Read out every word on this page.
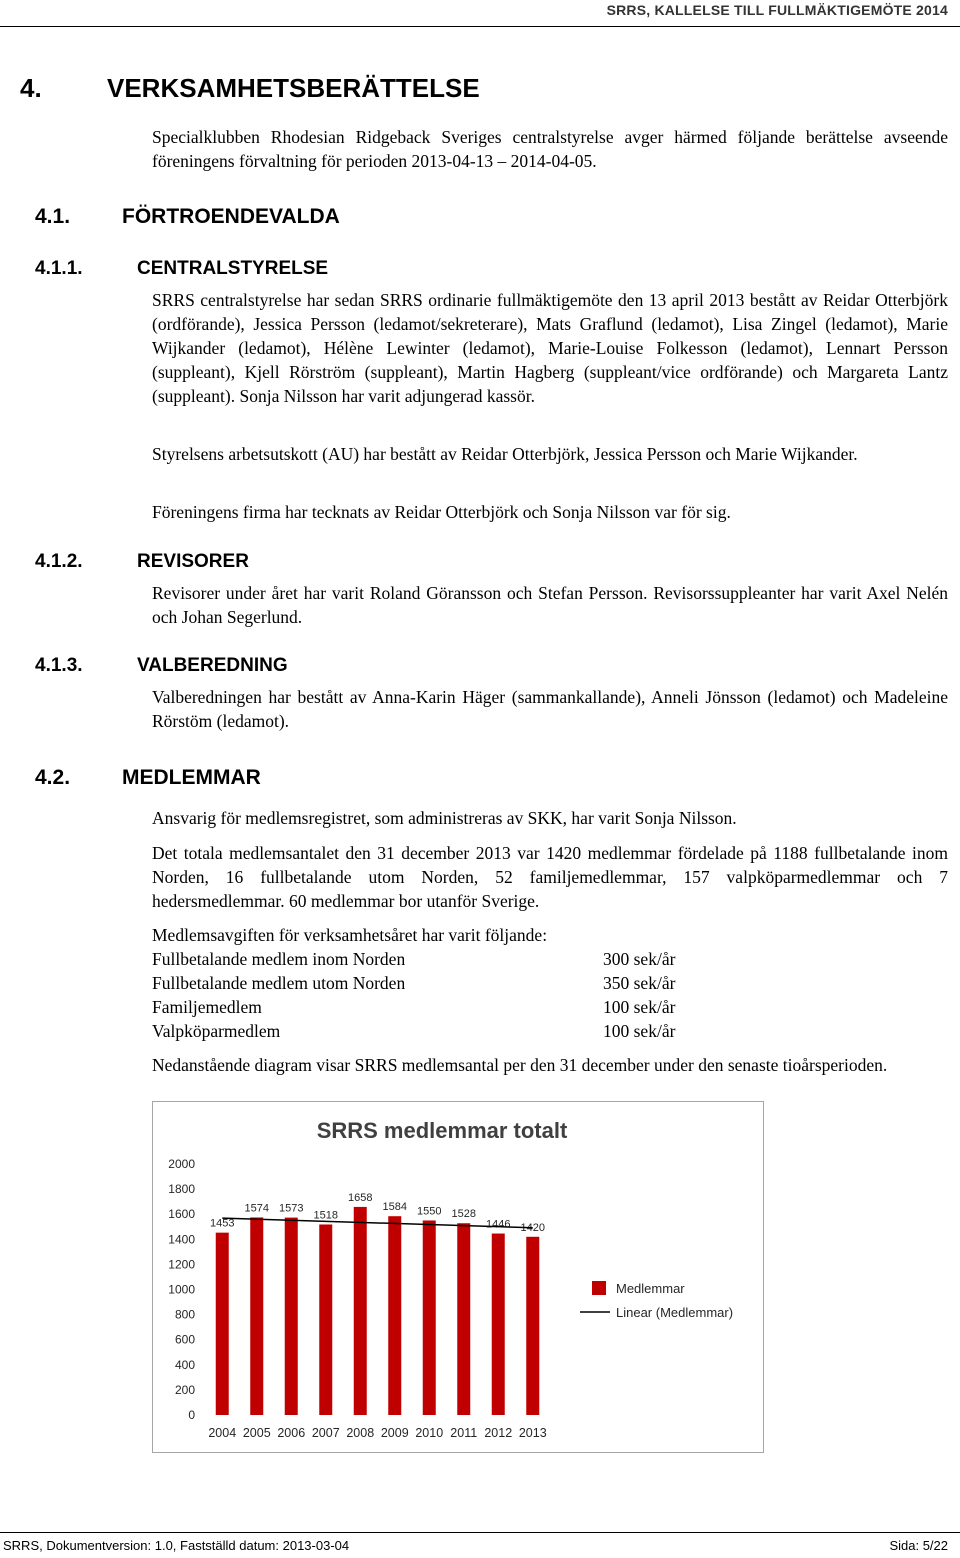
SRRS, KALLELSE TILL FULLMÄKTIGEMÖTE 2014
4.	VERKSAMHETSBERÄTTELSE
Specialklubben Rhodesian Ridgeback Sveriges centralstyrelse avger härmed följande berättelse avseende föreningens förvaltning för perioden 2013-04-13 – 2014-04-05.
4.1. FÖRTROENDEVALDA
4.1.1.	CENTRALSTYRELSE
SRRS centralstyrelse har sedan SRRS ordinarie fullmäktigemöte den 13 april 2013 bestått av Reidar Otterbjörk (ordförande), Jessica Persson (ledamot/sekreterare), Mats Graflund (ledamot), Lisa Zingel (ledamot), Marie Wijkander (ledamot), Hélène Lewinter (ledamot), Marie-Louise Folkesson (ledamot), Lennart Persson (suppleant), Kjell Rörström (suppleant), Martin Hagberg (suppleant/vice ordförande) och Margareta Lantz (suppleant). Sonja Nilsson har varit adjungerad kassör.
Styrelsens arbetsutskott (AU) har bestått av Reidar Otterbjörk, Jessica Persson och Marie Wijkander.
Föreningens firma har tecknats av Reidar Otterbjörk och Sonja Nilsson var för sig.
4.1.2.	REVISORER
Revisorer under året har varit Roland Göransson och Stefan Persson. Revisorssuppleanter har varit Axel Nelén och Johan Segerlund.
4.1.3.	VALBEREDNING
Valberedningen har bestått av Anna-Karin Häger (sammankallande), Anneli Jönsson (ledamot) och Madeleine Rörstöm (ledamot).
4.2. MEDLEMMAR
Ansvarig för medlemsregistret, som administreras av SKK, har varit Sonja Nilsson.
Det totala medlemsantalet den 31 december 2013 var 1420 medlemmar fördelade på 1188 fullbetalande inom Norden, 16 fullbetalande utom Norden, 52 familjemedlemmar, 157 valpköparmedlemmar och 7 hedersmedlemmar. 60 medlemmar bor utanför Sverige.
Medlemsavgiften för verksamhetsåret har varit följande:
Fullbetalande medlem inom Norden	300 sek/år
Fullbetalande medlem utom Norden	350 sek/år
Familjemedlem	100 sek/år
Valpköparmedlem	100 sek/år
Nedanstående diagram visar SRRS medlemsantal per den 31 december under den senaste tioårsperioden.
SRRS medlemmar totalt
0
200
400
600
800
1000
1200
1400
1600
1800
2000
1453
2004
1574
2005
1573
2006
1518
2007
1658
2008
1584
2009
1550
2010
1528
2011
1446
2012
1420
2013
Medlemmar
Linear (Medlemmar)
SRRS, Dokumentversion: 1.0, Fastställd datum: 2013-03-04	Sida: 5/22
